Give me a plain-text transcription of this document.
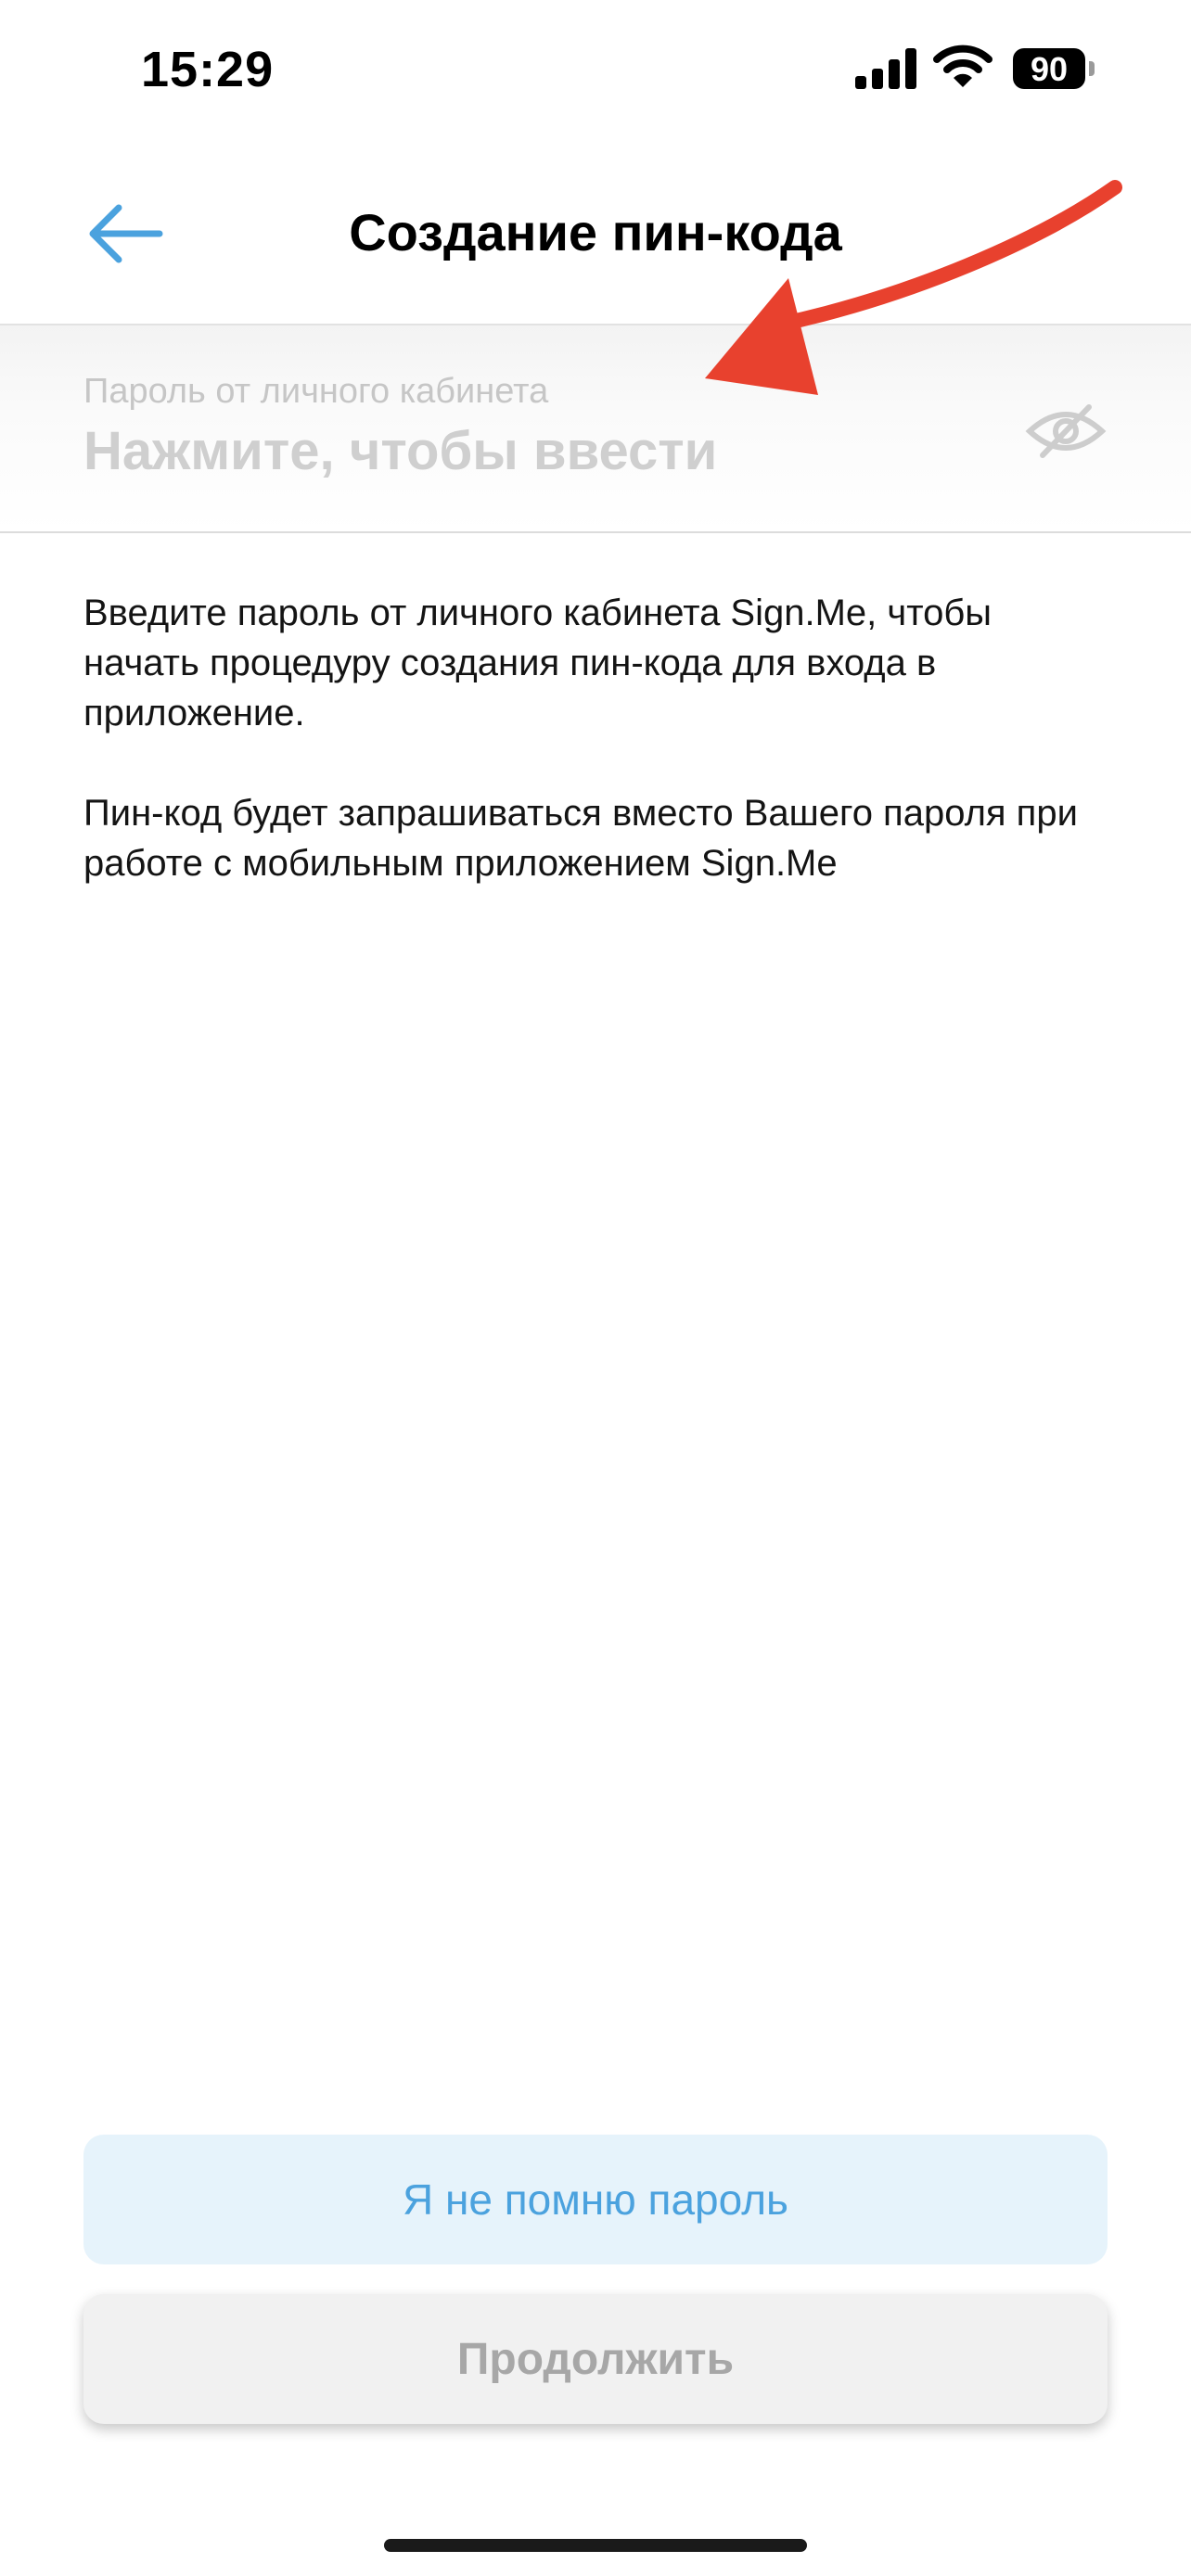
15:29	90
Создание пин-кода
Пароль от личного кабинета

Введите пароль от личного кабинета Sign.Me, чтобы начать процедуру создания пин-кода для входа в приложение.

Пин-код будет запрашиваться вместо Вашего пароля при работе с мобильным приложением Sign.Me

Я не помню пароль
Продолжить
